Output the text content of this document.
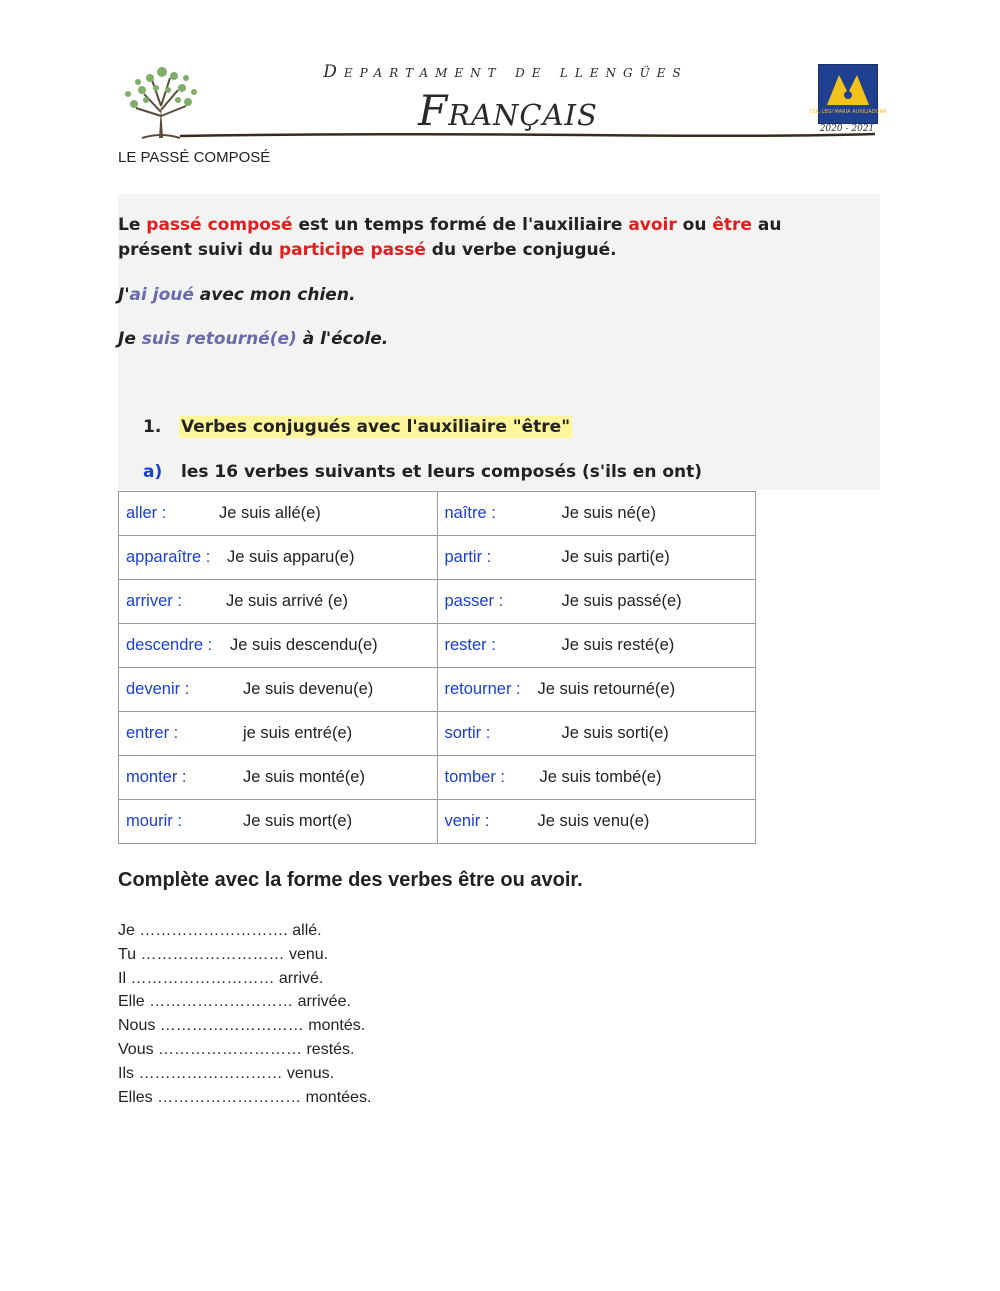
Departament de llengües
Français	COL·LEGI MARIA AUXILIADORA
2020 - 2021
LE PASSÉ COMPOSÉ
Le passé composé est un temps formé de l'auxiliaire avoir ou être au présent suivi du participe passé du verbe conjugué.
J'ai joué avec mon chien.
Je suis retourné(e) à l'école.
1. Verbes conjugués avec l'auxiliaire "être"
a) les 16 verbes suivants et leurs composés (s'ils en ont)
aller : Je suis allé(e)	naître : Je suis né(e)
apparaître : Je suis apparu(e)	partir : Je suis parti(e)
arriver : Je suis arrivé (e)	passer : Je suis passé(e)
descendre : Je suis descendu(e)	rester : Je suis resté(e)
devenir : Je suis devenu(e)	retourner : Je suis retourné(e)
entrer : je suis entré(e)	sortir : Je suis sorti(e)
monter : Je suis monté(e)	tomber : Je suis tombé(e)
mourir : Je suis mort(e)	venir : Je suis venu(e)
Complète avec la forme des verbes être ou avoir.
Je ………………………. allé.
Tu ……………………… venu.
Il ……………………… arrivé.
Elle ……………………… arrivée.
Nous ……………………… montés.
Vous ……………………… restés.
Ils ……………………… venus.
Elles ……………………… montées.
